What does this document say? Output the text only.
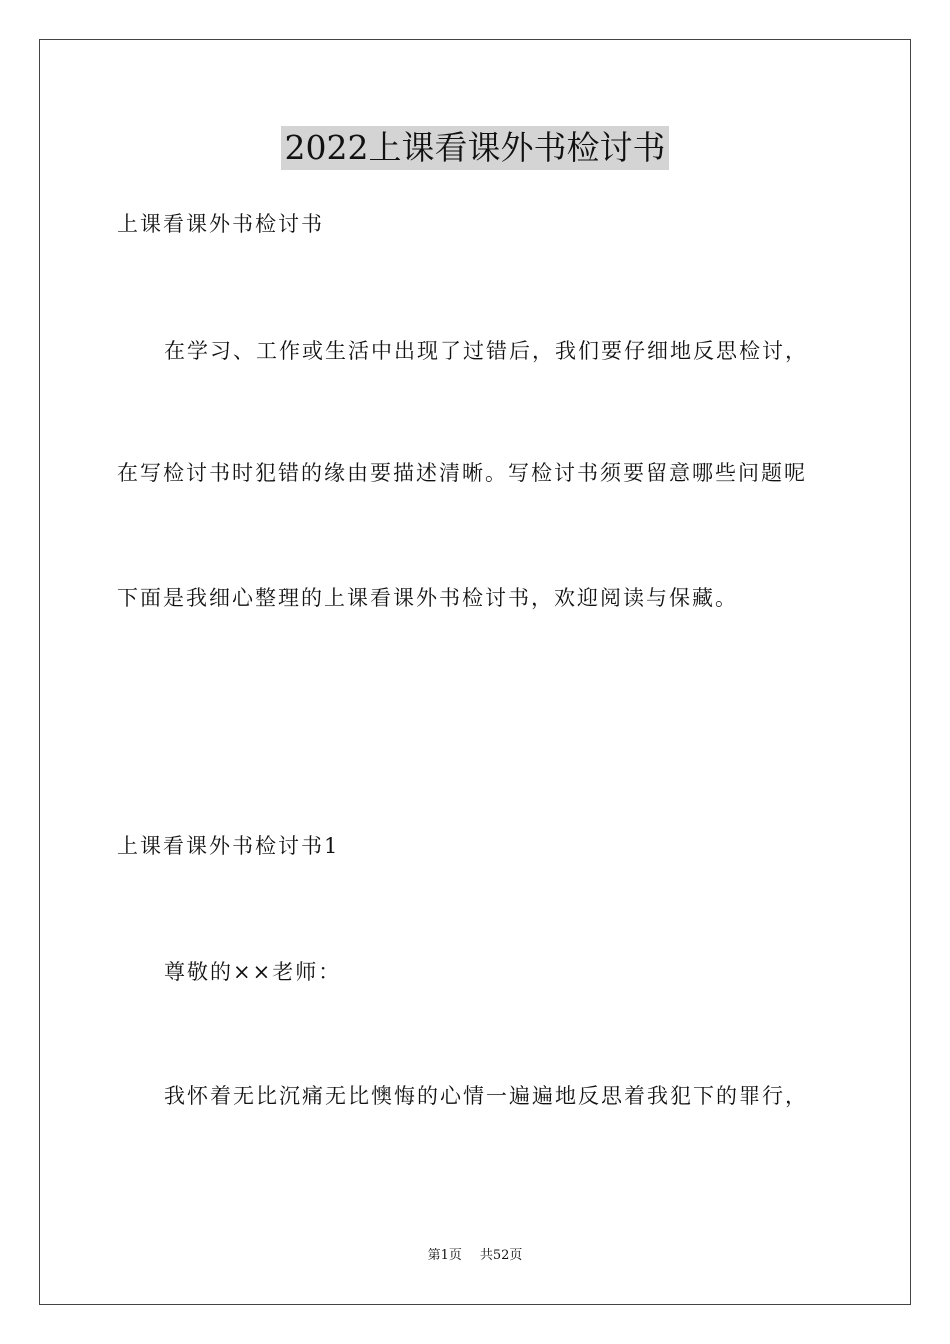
2022上课看课外书检讨书
上课看课外书检讨书
在学习、工作或生活中出现了过错后，我们要仔细地反思检讨，
在写检讨书时犯错的缘由要描述清晰。写检讨书须要留意哪些问题呢
下面是我细心整理的上课看课外书检讨书，欢迎阅读与保藏。
上课看课外书检讨书1
尊敬的××老师：
我怀着无比沉痛无比懊悔的心情一遍遍地反思着我犯下的罪行，
第1页 共52页
